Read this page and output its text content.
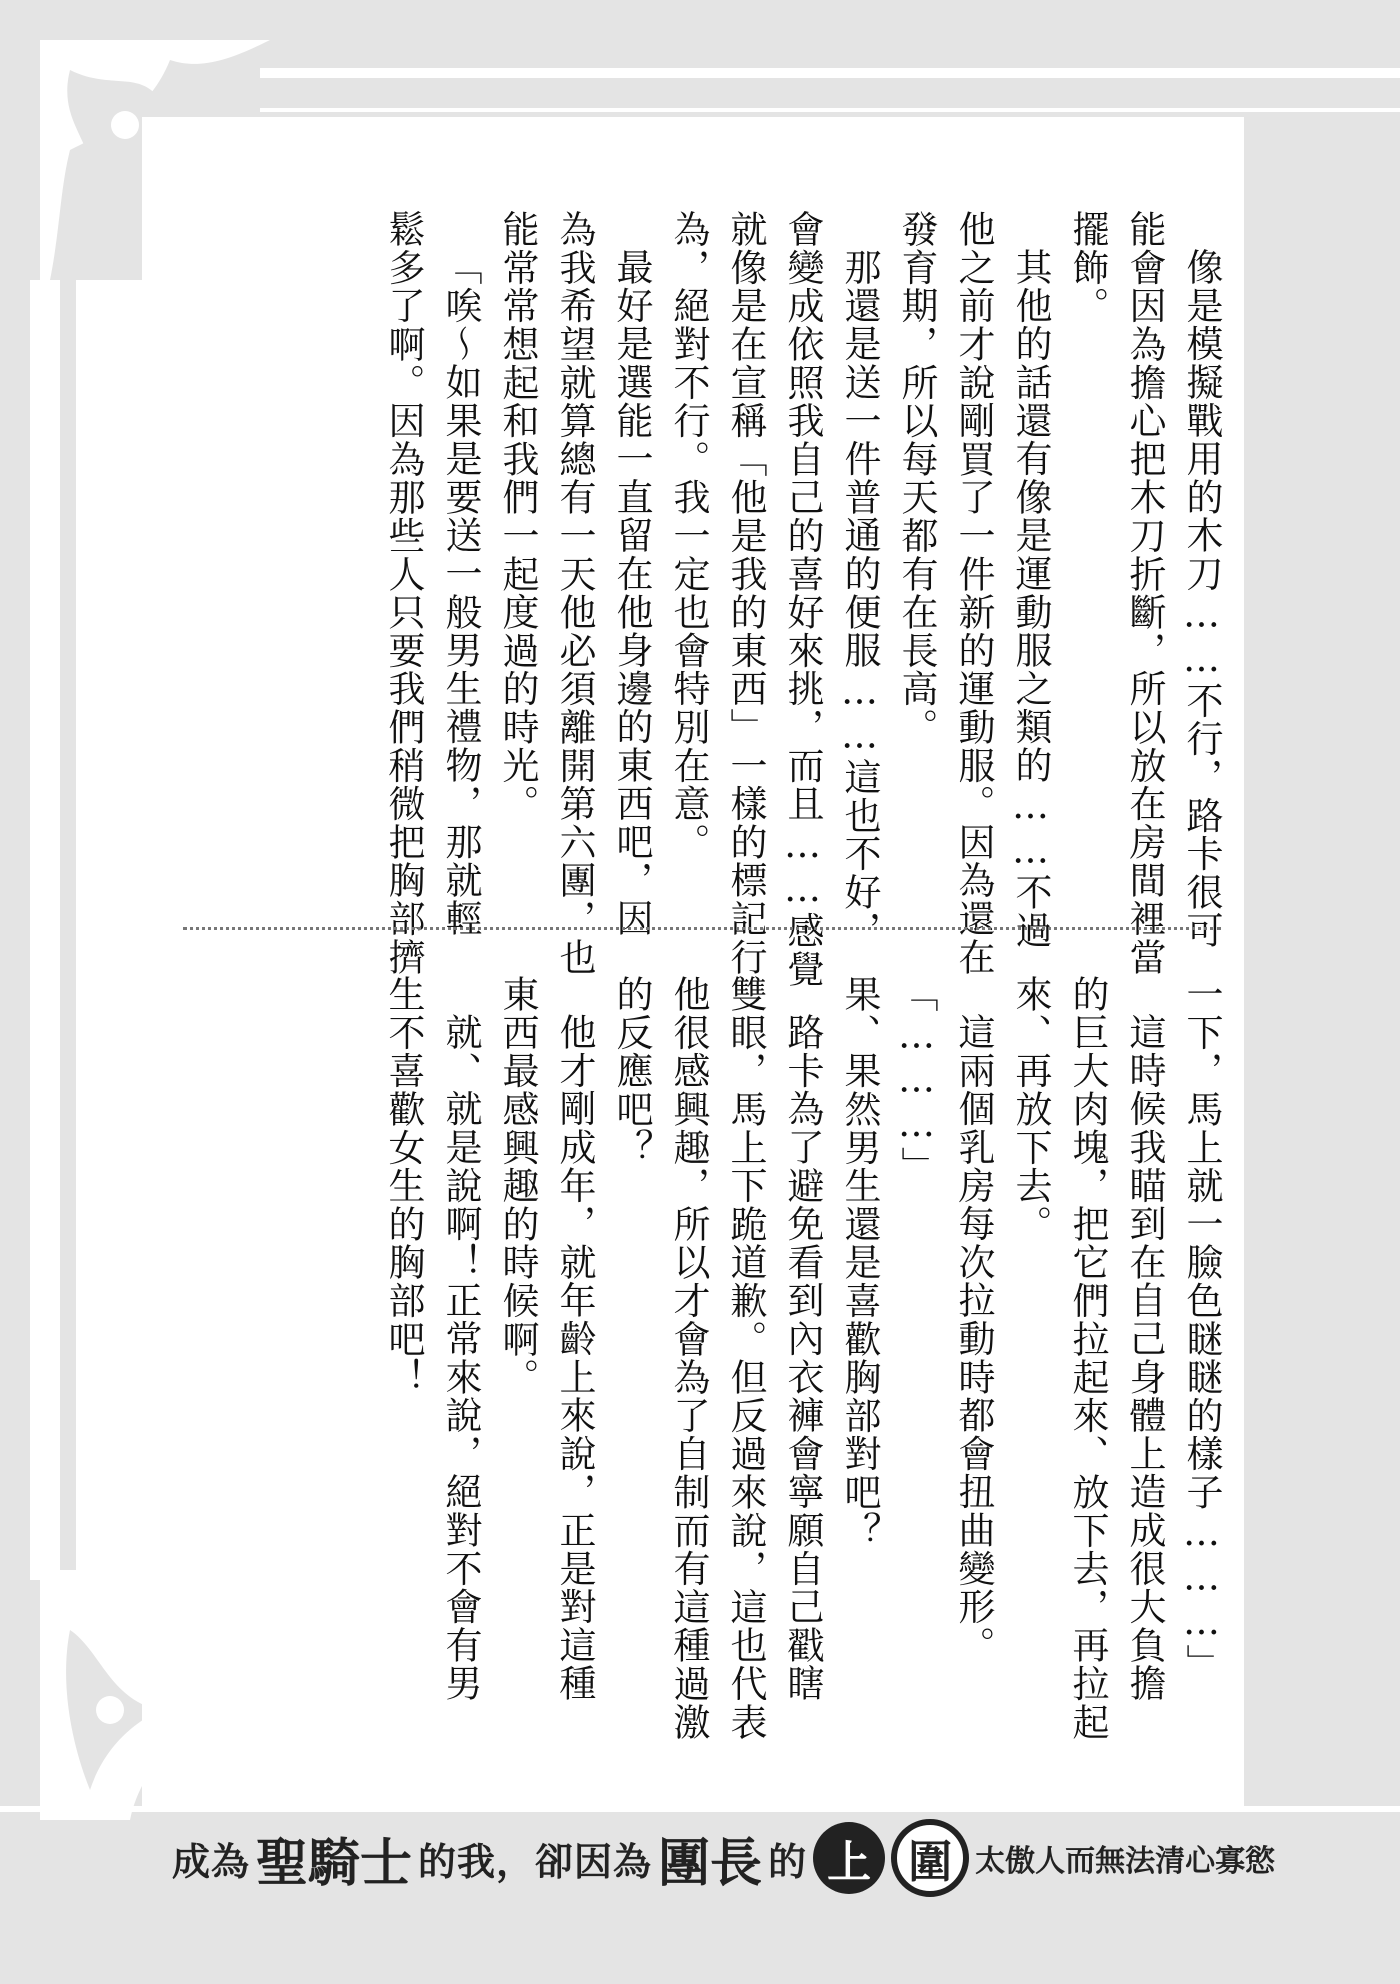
像是模擬戰用的木刀……不行，路卡很可
能會因為擔心把木刀折斷，所以放在房間裡當
擺飾。
其他的話還有像是運動服之類的……不過
他之前才說剛買了一件新的運動服。因為還在
發育期，所以每天都有在長高。
那還是送一件普通的便服……這也不好，
會變成依照我自己的喜好來挑，而且……感覺
就像是在宣稱「他是我的東西」一樣的標記行
為，絕對不行。我一定也會特別在意。
最好是選能一直留在他身邊的東西吧，因
為我希望就算總有一天他必須離開第六團，也
能常常想起和我們一起度過的時光。
「唉～如果是要送一般男生禮物，那就輕
鬆多了啊。因為那些人只要我們稍微把胸部擠
一下，馬上就一臉色瞇瞇的樣子………」
這時候我瞄到在自己身體上造成很大負擔
的巨大肉塊，把它們拉起來、放下去，再拉起
來、再放下去。
這兩個乳房每次拉動時都會扭曲變形。
「………」
果、果然男生還是喜歡胸部對吧？
路卡為了避免看到內衣褲會寧願自己戳瞎
雙眼，馬上下跪道歉。但反過來說，這也代表
他很感興趣，所以才會為了自制而有這種過激
的反應吧？
他才剛成年，就年齡上來說，正是對這種
東西最感興趣的時候啊。
就、就是說啊！正常來說，絕對不會有男
生不喜歡女生的胸部吧！
成為 聖騎士 的我，卻因為 團長 的 上 圍 太傲人而無法清心寡慾
